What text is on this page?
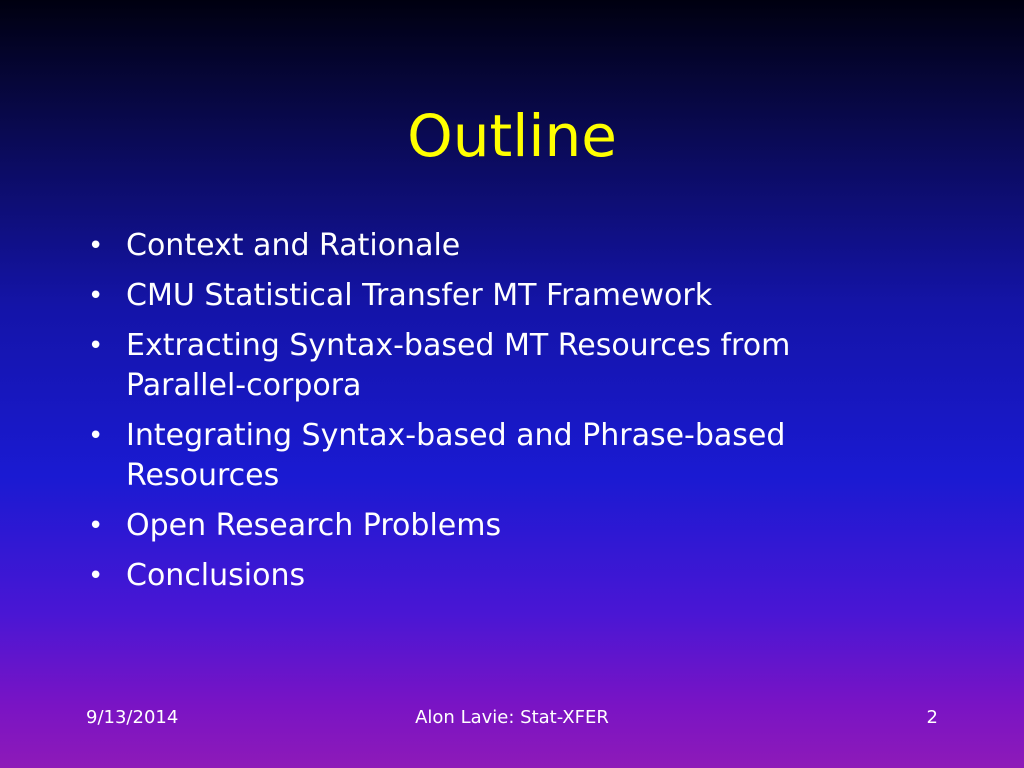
Outline
• Context and Rationale
• CMU Statistical Transfer MT Framework
• Extracting Syntax-based MT Resources from Parallel-corpora
• Integrating Syntax-based and Phrase-based Resources
• Open Research Problems
• Conclusions
9/13/2014	Alon Lavie: Stat-XFER	2
